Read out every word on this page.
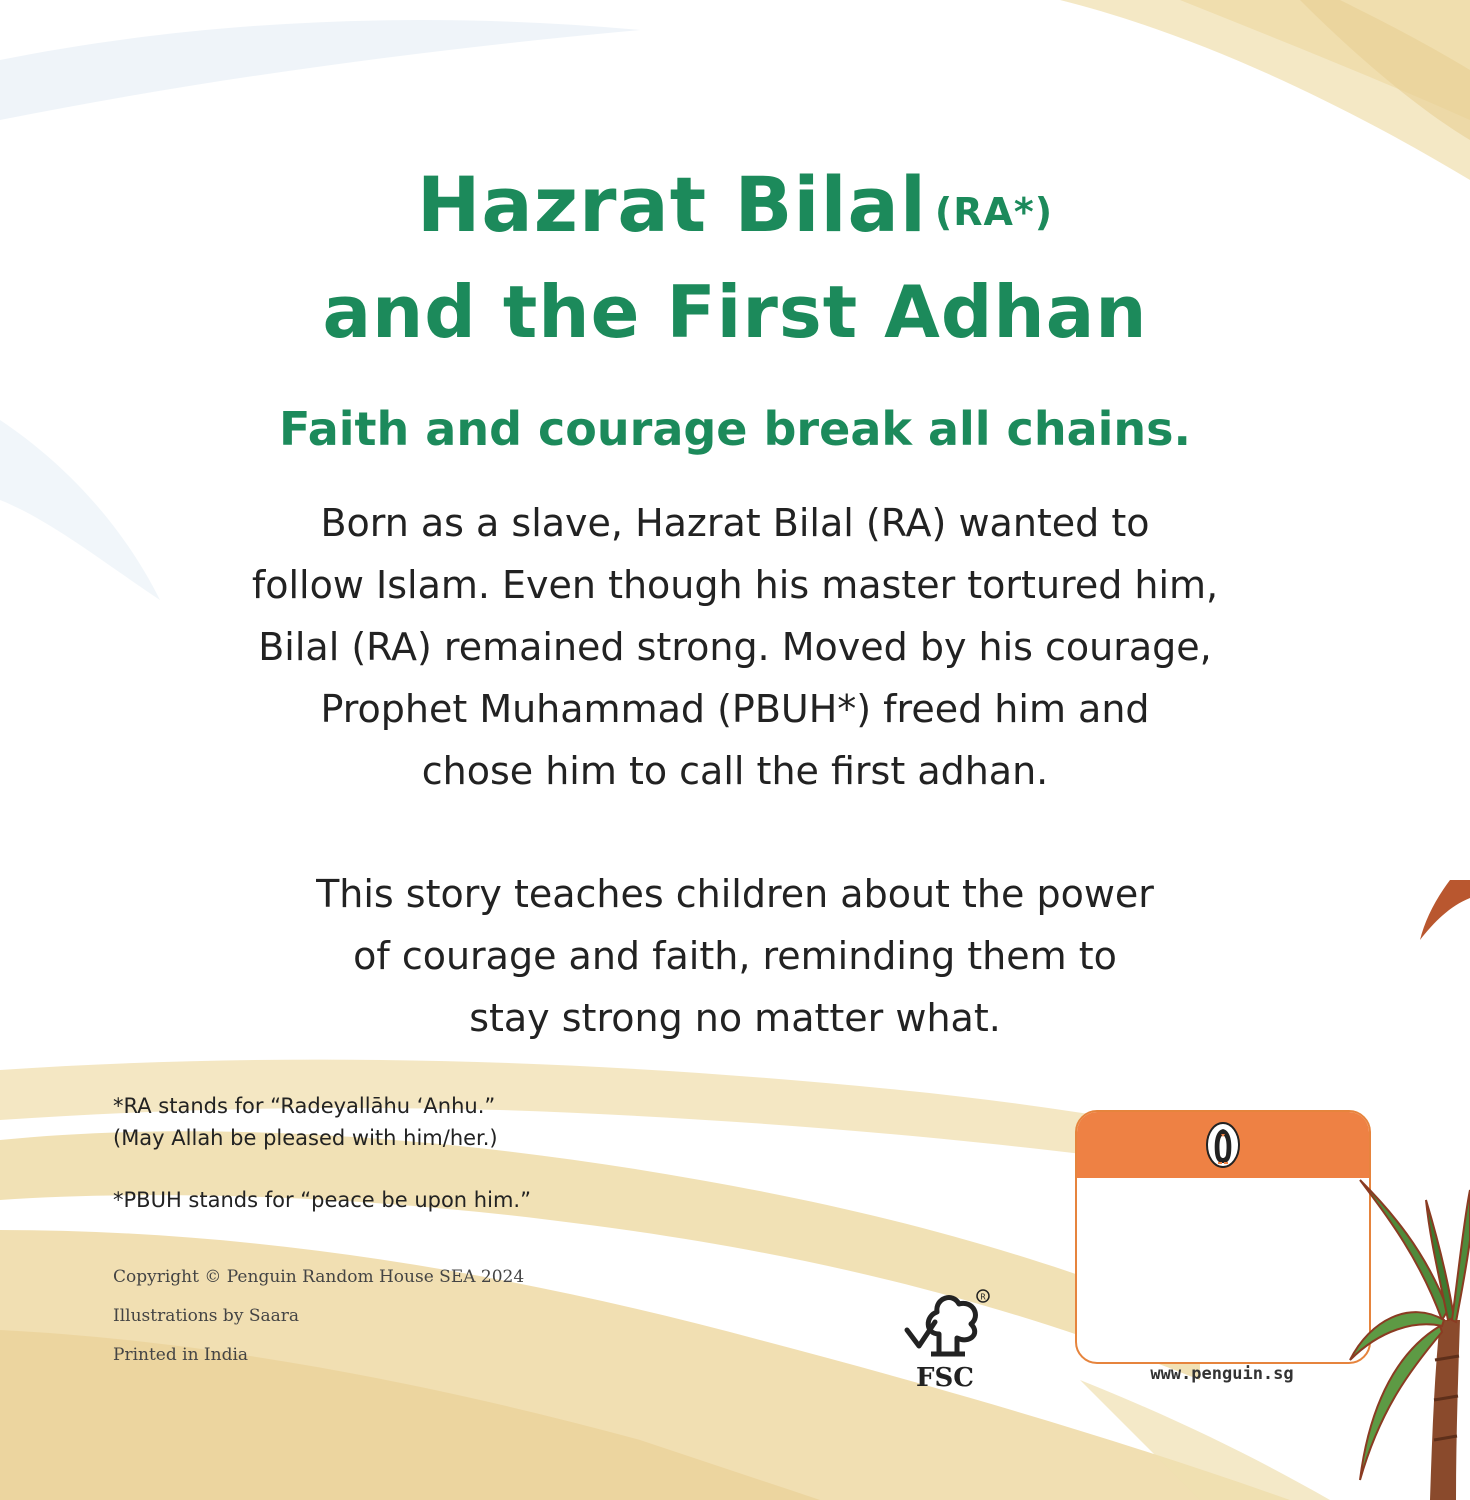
Hazrat Bilal (RA*)
and the First Adhan
Faith and courage break all chains.
Born as a slave, Hazrat Bilal (RA) wanted to
follow Islam. Even though his master tortured him,
Bilal (RA) remained strong. Moved by his courage,
Prophet Muhammad (PBUH*) freed him and
chose him to call the first adhan.
This story teaches children about the power
of courage and faith, reminding them to
stay strong no matter what.
*RA stands for “Radeyallāhu ‘Anhu.”
(May Allah be pleased with him/her.)
*PBUH stands for “peace be upon him.”
Copyright © Penguin Random House SEA 2024
Illustrations by Saara
Printed in India
R
FSC	www.penguin.sg
